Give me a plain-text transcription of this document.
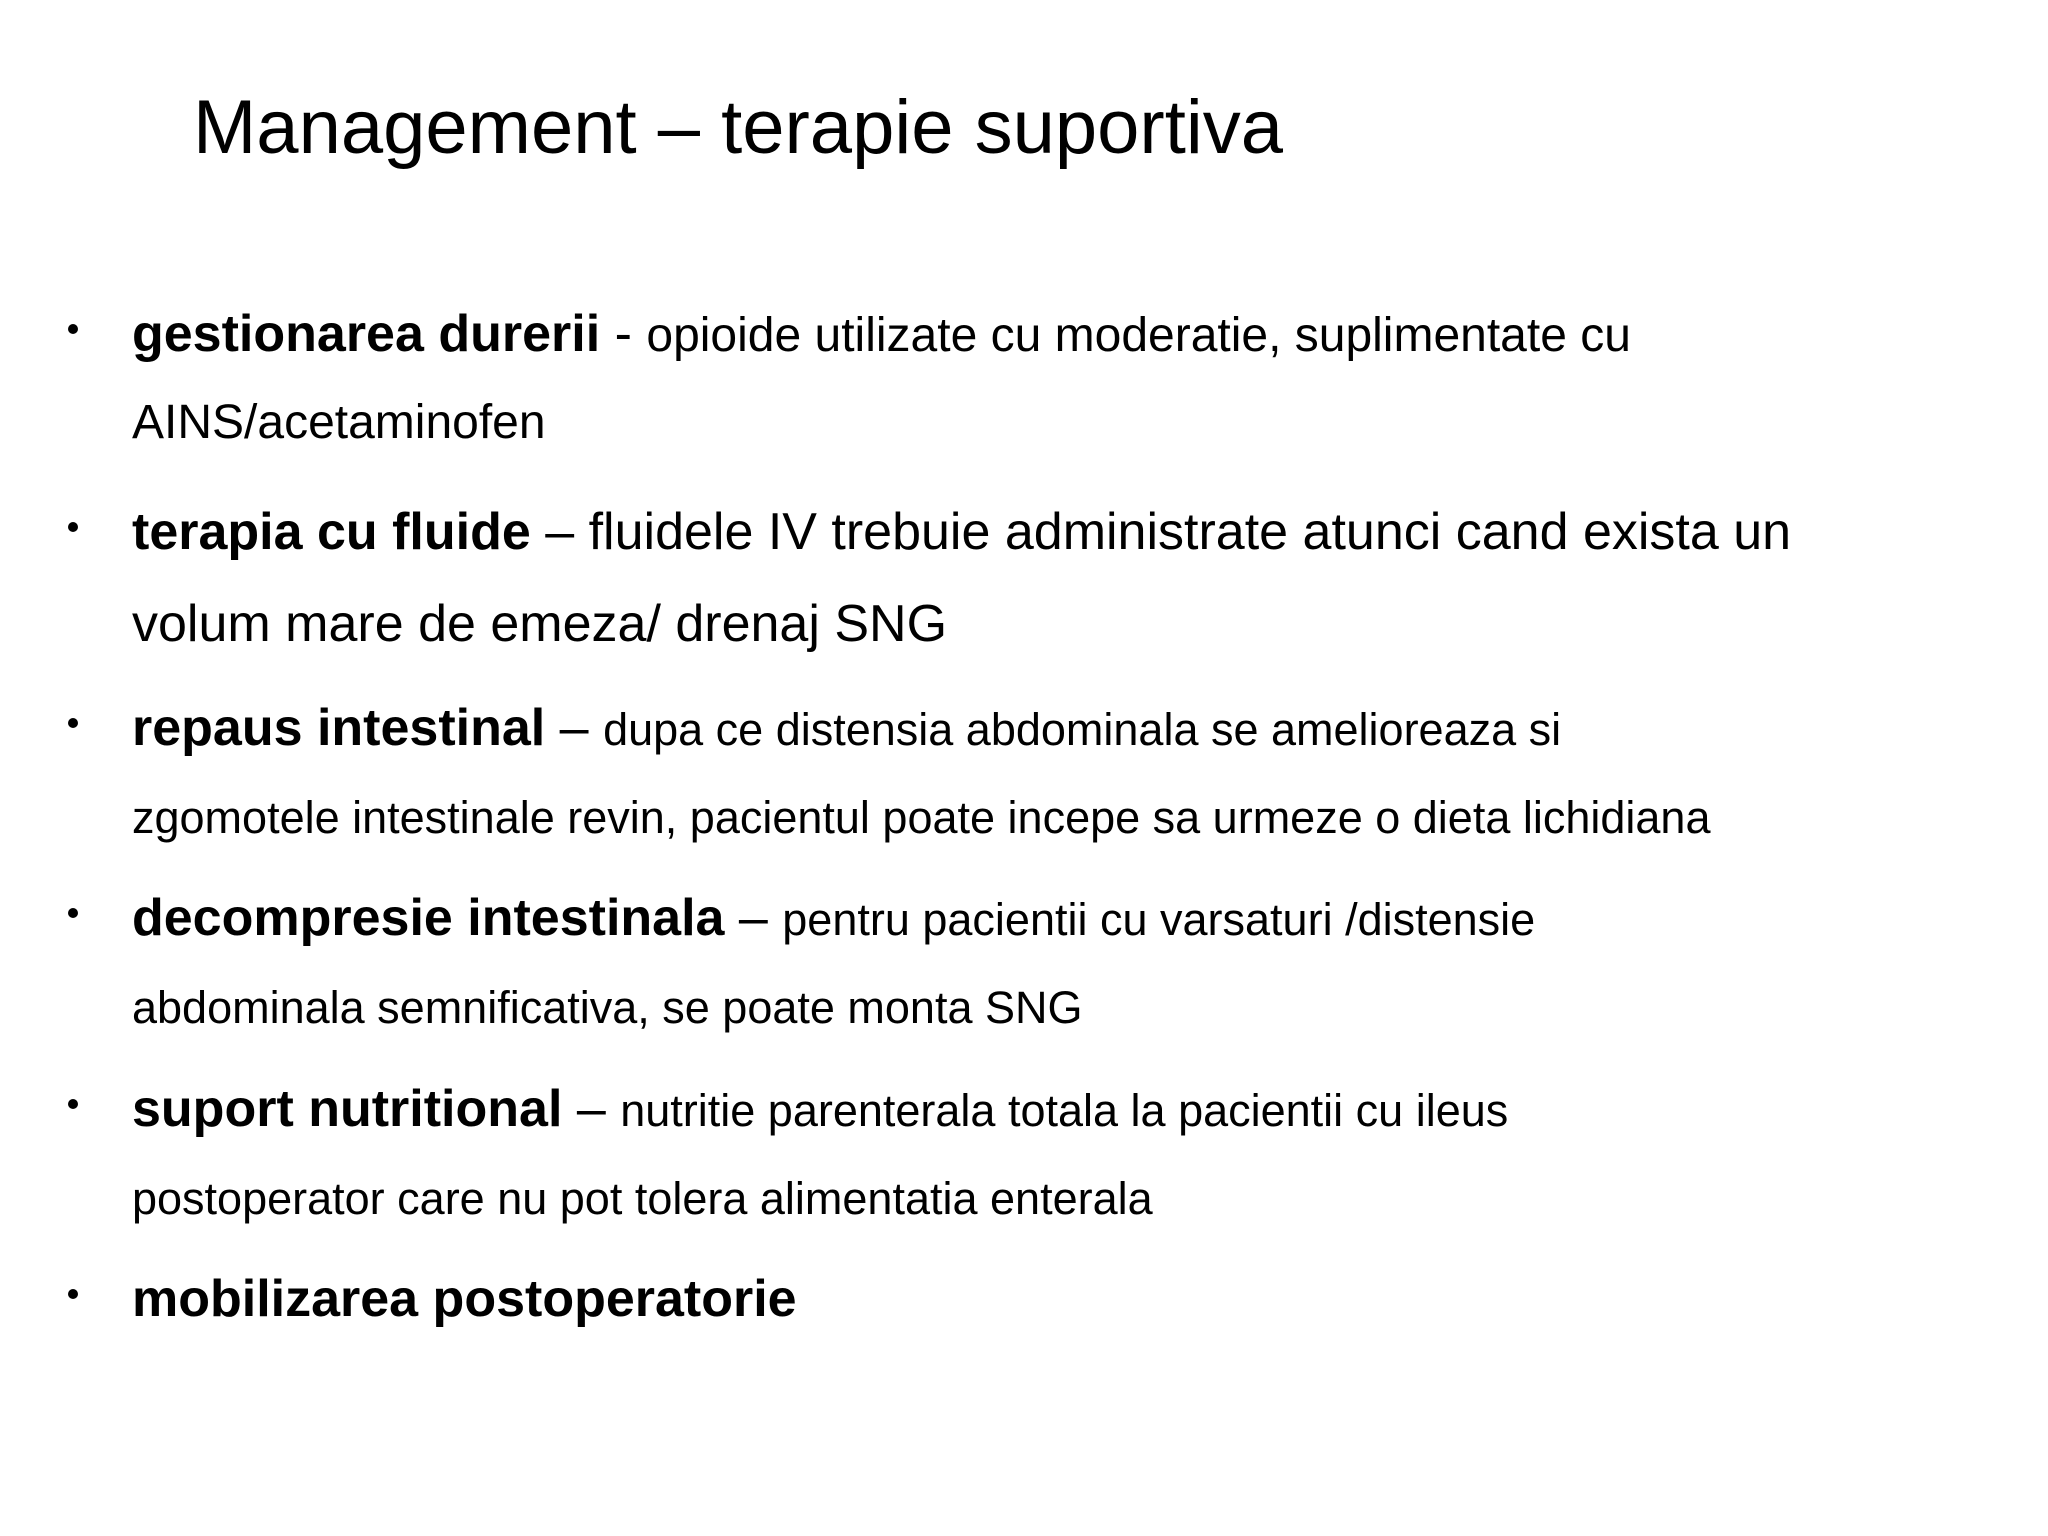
Management – terapie suportiva
gestionarea durerii - opioide utilizate cu moderatie, suplimentate cu
AINS/acetaminofen
terapia cu fluide – fluidele IV trebuie administrate atunci cand exista un
volum mare de emeza/ drenaj SNG
repaus intestinal – dupa ce distensia abdominala se amelioreaza si
zgomotele intestinale revin, pacientul poate incepe sa urmeze o dieta lichidiana
decompresie intestinala – pentru pacientii cu varsaturi /distensie
abdominala semnificativa, se poate monta SNG
suport nutritional – nutritie parenterala totala la pacientii cu ileus
postoperator care nu pot tolera alimentatia enterala
mobilizarea postoperatorie
